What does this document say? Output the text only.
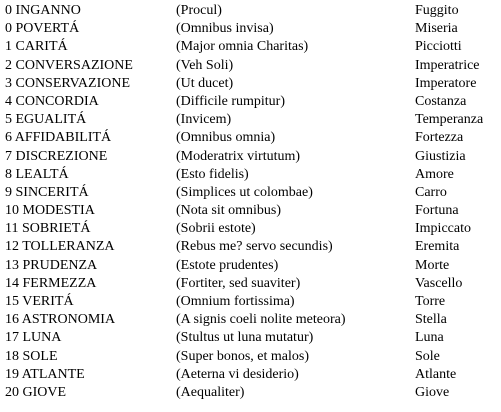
0 INGANNO	(Procul)	Fuggito
0 POVERTÁ	(Omnibus invisa)	Miseria
1 CARITÁ	(Major omnia Charitas)	Picciotti
2 CONVERSAZIONE	(Veh Soli)	Imperatrice
3 CONSERVAZIONE	(Ut ducet)	Imperatore
4 CONCORDIA	(Difficile rumpitur)	Costanza
5 EGUALITÁ	(Invicem)	Temperanza
6 AFFIDABILITÁ	(Omnibus omnia)	Fortezza
7 DISCREZIONE	(Moderatrix virtutum)	Giustizia
8 LEALTÁ	(Esto fidelis)	Amore
9 SINCERITÁ	(Simplices ut colombae)	Carro
10 MODESTIA	(Nota sit omnibus)	Fortuna
11 SOBRIETÁ	(Sobrii estote)	Impiccato
12 TOLLERANZA	(Rebus me? servo secundis)	Eremita
13 PRUDENZA	(Estote prudentes)	Morte
14 FERMEZZA	(Fortiter, sed suaviter)	Vascello
15 VERITÁ	(Omnium fortissima)	Torre
16 ASTRONOMIA	(A signis coeli nolite meteora)	Stella
17 LUNA	(Stultus ut luna mutatur)	Luna
18 SOLE	(Super bonos, et malos)	Sole
19 ATLANTE	(Aeterna vi desiderio)	Atlante
20 GIOVE	(Aequaliter)	Giove
